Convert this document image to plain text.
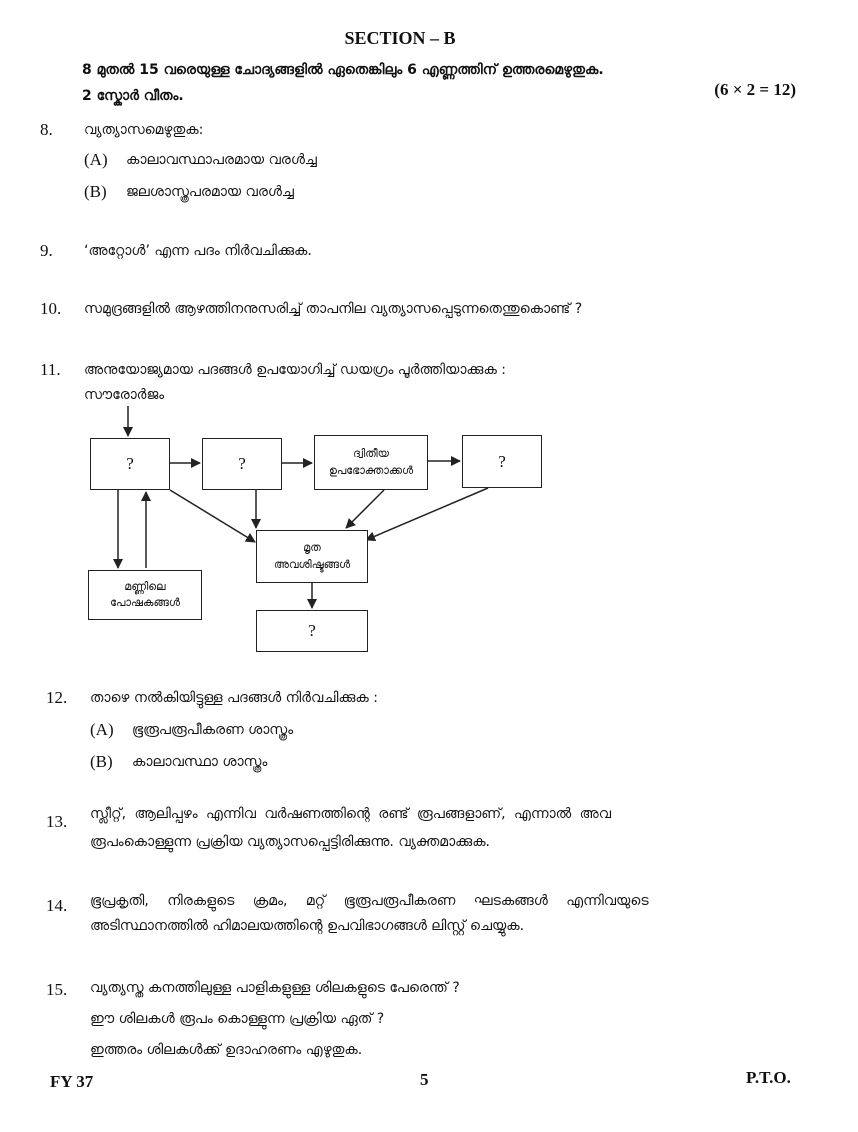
SECTION – B
8 മുതൽ 15 വരെയുള്ള ചോദ്യങ്ങളിൽ ഏതെങ്കിലും 6 എണ്ണത്തിന് ഉത്തരമെഴുതുക.
2 സ്കോർ വീതം.	(6 × 2 = 12)
8. വ്യത്യാസമെഴുതുക:
(A) കാലാവസ്ഥാപരമായ വരൾച്ച
(B) ജലശാസ്ത്രപരമായ വരൾച്ച
9. ‘അറ്റോൾ’ എന്ന പദം നിർവചിക്കുക.
10. സമുദ്രങ്ങളിൽ ആഴത്തിനനുസരിച്ച് താപനില വ്യത്യാസപ്പെടുന്നതെന്തുകൊണ്ട് ?
11. അനുയോജ്യമായ പദങ്ങൾ ഉപയോഗിച്ച് ഡയഗ്രം പൂർത്തിയാക്കുക :
സൗരോർജം
?	?
ദ്വിതീയ
ഉപഭോക്താക്കൾ	?
മൃത
അവശിഷ്ടങ്ങൾ
മണ്ണിലെ
പോഷകങ്ങൾ
?
12. താഴെ നൽകിയിട്ടുള്ള പദങ്ങൾ നിർവചിക്കുക :
(A) ഭൂരൂപരൂപീകരണ ശാസ്ത്രം
(B) കാലാവസ്ഥാ ശാസ്ത്രം
13. സ്ലീറ്റ്, ആലിപ്പഴം എന്നിവ വർഷണത്തിന്റെ രണ്ട് രൂപങ്ങളാണ്, എന്നാൽ അവ
രൂപംകൊള്ളുന്ന പ്രക്രിയ വ്യത്യാസപ്പെട്ടിരിക്കുന്നു. വ്യക്തമാക്കുക.
14. ഭൂപ്രകൃതി, നിരകളുടെ ക്രമം, മറ്റ് ഭൂരൂപരൂപീകരണ ഘടകങ്ങൾ എന്നിവയുടെ
അടിസ്ഥാനത്തിൽ ഹിമാലയത്തിന്റെ ഉപവിഭാഗങ്ങൾ ലിസ്റ്റ് ചെയ്യുക.
15. വ്യത്യസ്ത കനത്തിലുള്ള പാളികളുള്ള ശിലകളുടെ പേരെന്ത് ?
ഈ ശിലകൾ രൂപം കൊള്ളുന്ന പ്രക്രിയ ഏത് ?
ഇത്തരം ശിലകൾക്ക് ഉദാഹരണം എഴുതുക.
FY 37	5	P.T.O.
